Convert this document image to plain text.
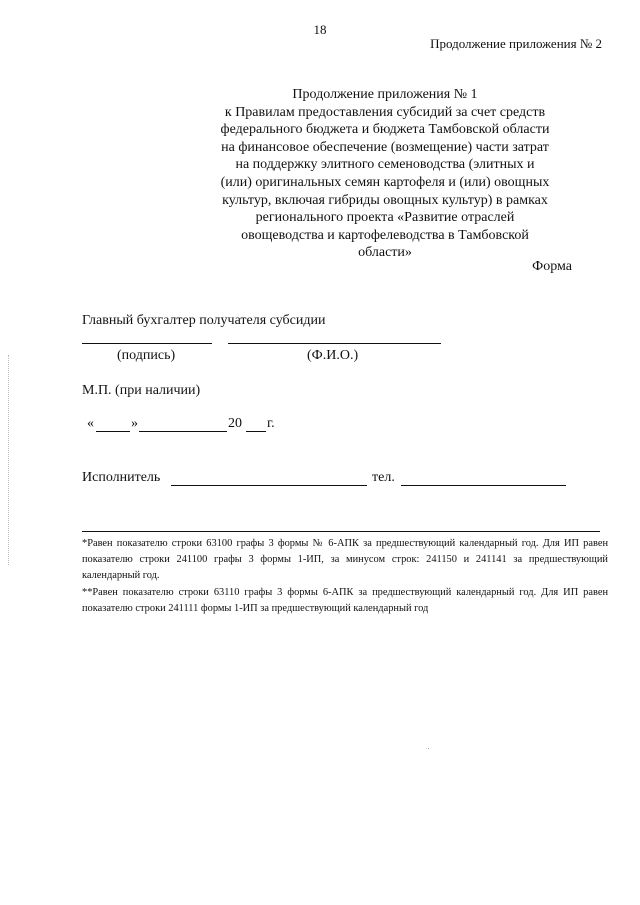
18
Продолжение приложения № 2
Продолжение приложения № 1
к Правилам предоставления субсидий за счет средств
федерального бюджета и бюджета Тамбовской области
на финансовое обеспечение (возмещение) части затрат
на поддержку элитного семеноводства (элитных и
(или) оригинальных семян картофеля и (или) овощных
культур, включая гибриды овощных культур) в рамках
регионального проекта «Развитие отраслей
овощеводства и картофелеводства в Тамбовской
области»
Форма
Главный бухгалтер получателя субсидии
(подпись)	(Ф.И.О.)
М.П. (при наличии)
«	»	20 г.
Исполнитель	тел.

*Равен показателю строки 63100 графы 3 формы № 6-АПК за предшествующий календарный год. Для ИП равен показателю строки 241100 графы 3 формы 1-ИП, за минусом строк: 241150 и 241141 за предшествующий календарный год.

**Равен показателю строки 63110 графы 3 формы 6-АПК за предшествующий календарный год. Для ИП равен показателю строки 241111 формы 1-ИП за предшествующий календарный год
